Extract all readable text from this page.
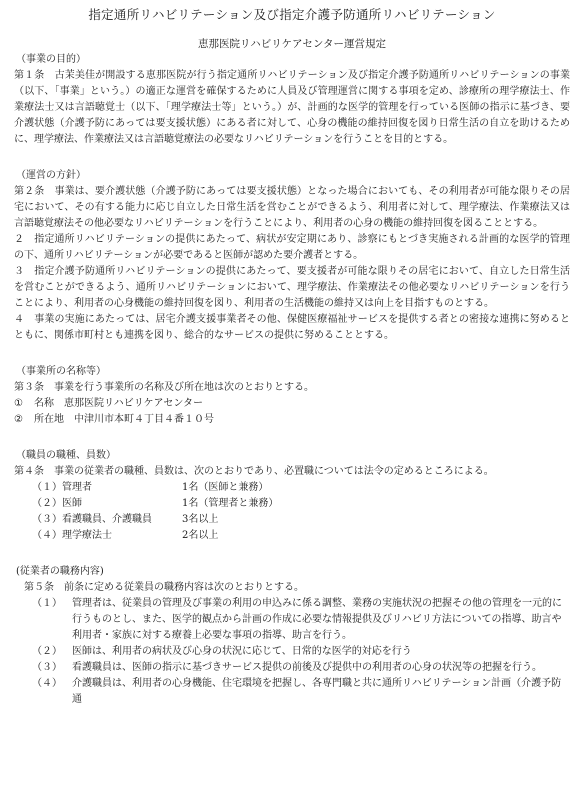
指定通所リハビリテーション及び指定介護予防通所リハビリテーション
恵那医院リハビリケアセンター運営規定

（事業の目的）

第１条　古茉美佳が開設する恵那医院が行う指定通所リハビリテーション及び指定介護予防通所リハビリテーションの事業（以下、「事業」という。）の適正な運営を確保するために人員及び管理運営に関する事項を定め、診療所の理学療法士、作業療法士又は言語聴覚士（以下、「理学療法士等」という。）が、計画的な医学的管理を行っている医師の指示に基づき、要介護状態（介護予防にあっては要支援状態）にある者に対して、心身の機能の維持回復を図り日常生活の自立を助けるために、理学療法、作業療法又は言語聴覚療法の必要なリハビリテーションを行うことを目的とする。

（運営の方針）

第２条　事業は、要介護状態（介護予防にあっては要支援状態）となった場合においても、その利用者が可能な限りその居宅において、その有する能力に応じ自立した日常生活を営むことができるよう、利用者に対して、理学療法、作業療法又は言語聴覚療法その他必要なリハビリテーションを行うことにより、利用者の心身の機能の維持回復を図ることとする。

２　指定通所リハビリテーションの提供にあたって、病状が安定期にあり、診察にもとづき実施される計画的な医学的管理の下、通所リハビリテーションが必要であると医師が認めた要介護者とする。

３　指定介護予防通所リハビリテーションの提供にあたって、要支援者が可能な限りその居宅において、自立した日常生活を営むことができるよう、通所リハビリテーションにおいて、理学療法、作業療法その他必要なリハビリテーションを行うことにより、利用者の心身機能の維持回復を図り、利用者の生活機能の維持又は向上を目指すものとする。

４　事業の実施にあたっては、居宅介護支援事業者その他、保健医療福祉サービスを提供する者との密接な連携に努めるとともに、関係市町村とも連携を図り、総合的なサービスの提供に努めることとする。

（事業所の名称等）

第３条　事業を行う事業所の名称及び所在地は次のとおりとする。

①	名称　恵那医院リハビリケアセンター
②	所在地　中津川市本町４丁目４番１０号

（職員の職種、員数）

第４条　事業の従業者の職種、員数は、次のとおりであり、必置職については法令の定めるところによる。

（１）管理者	1名（医師と兼務）
（２）医師	1名（管理者と兼務）
（３）看護職員、介護職員	3名以上
（４）理学療法士	2名以上

(従業者の職務内容)

第５条　前条に定める従業員の職務内容は次のとおりとする。

（１）	管理者は、従業員の管理及び事業の利用の申込みに係る調整、業務の実施状況の把握その他の管理を一元的に行うものとし、また、医学的観点から計画の作成に必要な情報提供及びリハビリ方法についての指導、助言や利用者・家族に対する療養上必要な事項の指導、助言を行う。
（２）	医師は、利用者の病状及び心身の状況に応じて、日常的な医学的対応を行う
（３）	看護職員は、医師の指示に基づきサービス提供の前後及び提供中の利用者の心身の状況等の把握を行う。
（４）	介護職員は、利用者の心身機能、住宅環境を把握し、各専門職と共に通所リハビリテーション計画（介護予防通
